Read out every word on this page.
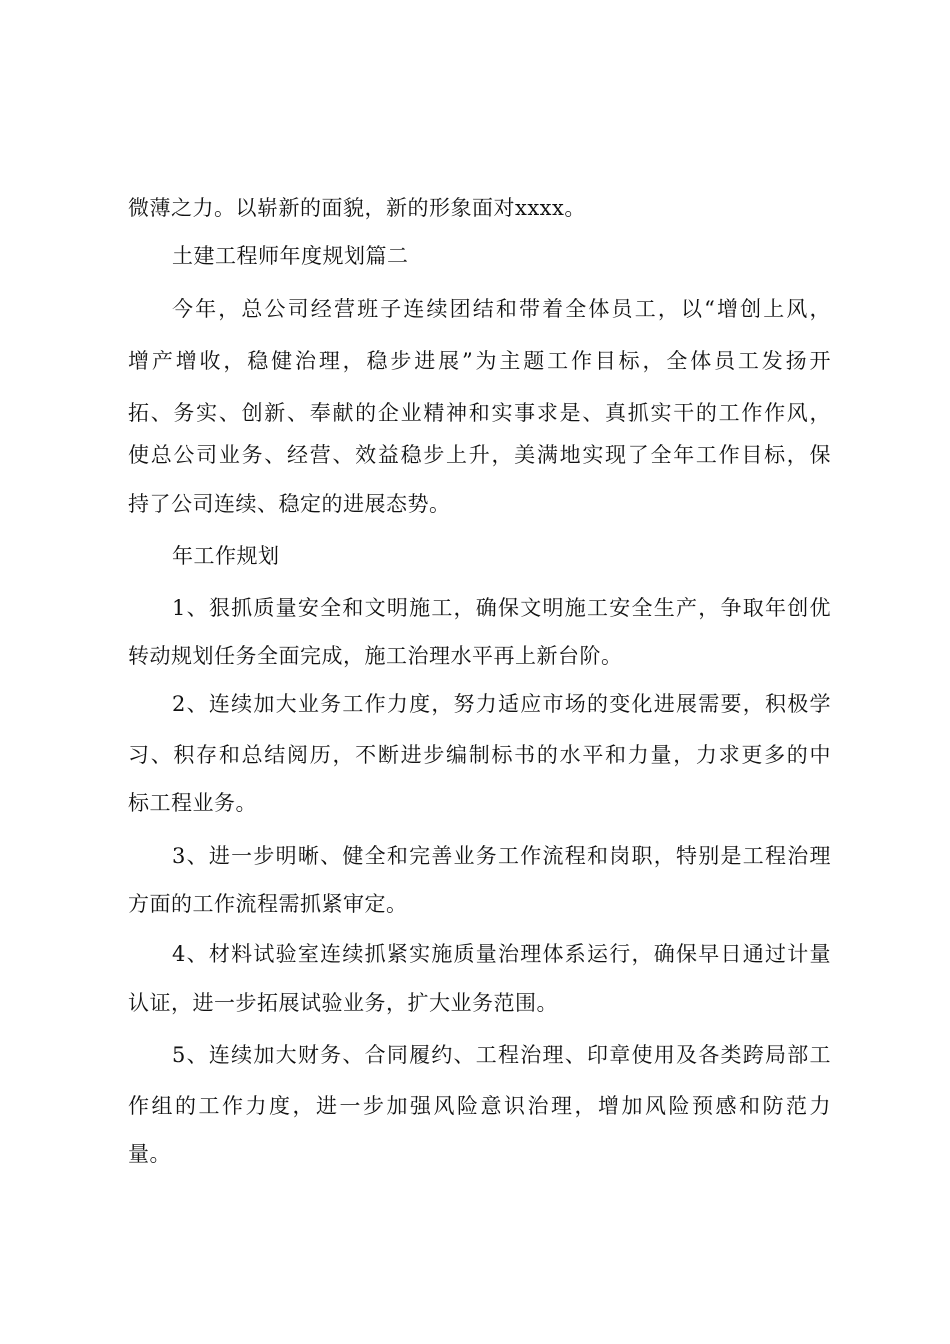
微薄之力。以崭新的面貌，新的形象面对xxxx。
土建工程师年度规划篇二
今年，总公司经营班子连续团结和带着全体员工，以“增创上风，
增产增收，稳健治理，稳步进展”为主题工作目标，全体员工发扬开
拓、务实、创新、奉献的企业精神和实事求是、真抓实干的工作作风，
使总公司业务、经营、效益稳步上升，美满地实现了全年工作目标，保
持了公司连续、稳定的进展态势。
年工作规划
1、狠抓质量安全和文明施工，确保文明施工安全生产，争取年创优
转动规划任务全面完成，施工治理水平再上新台阶。
2、连续加大业务工作力度，努力适应市场的变化进展需要，积极学
习、积存和总结阅历，不断进步编制标书的水平和力量，力求更多的中
标工程业务。
3、进一步明晰、健全和完善业务工作流程和岗职，特别是工程治理
方面的工作流程需抓紧审定。
4、材料试验室连续抓紧实施质量治理体系运行，确保早日通过计量
认证，进一步拓展试验业务，扩大业务范围。
5、连续加大财务、合同履约、工程治理、印章使用及各类跨局部工
作组的工作力度，进一步加强风险意识治理，增加风险预感和防范力
量。
